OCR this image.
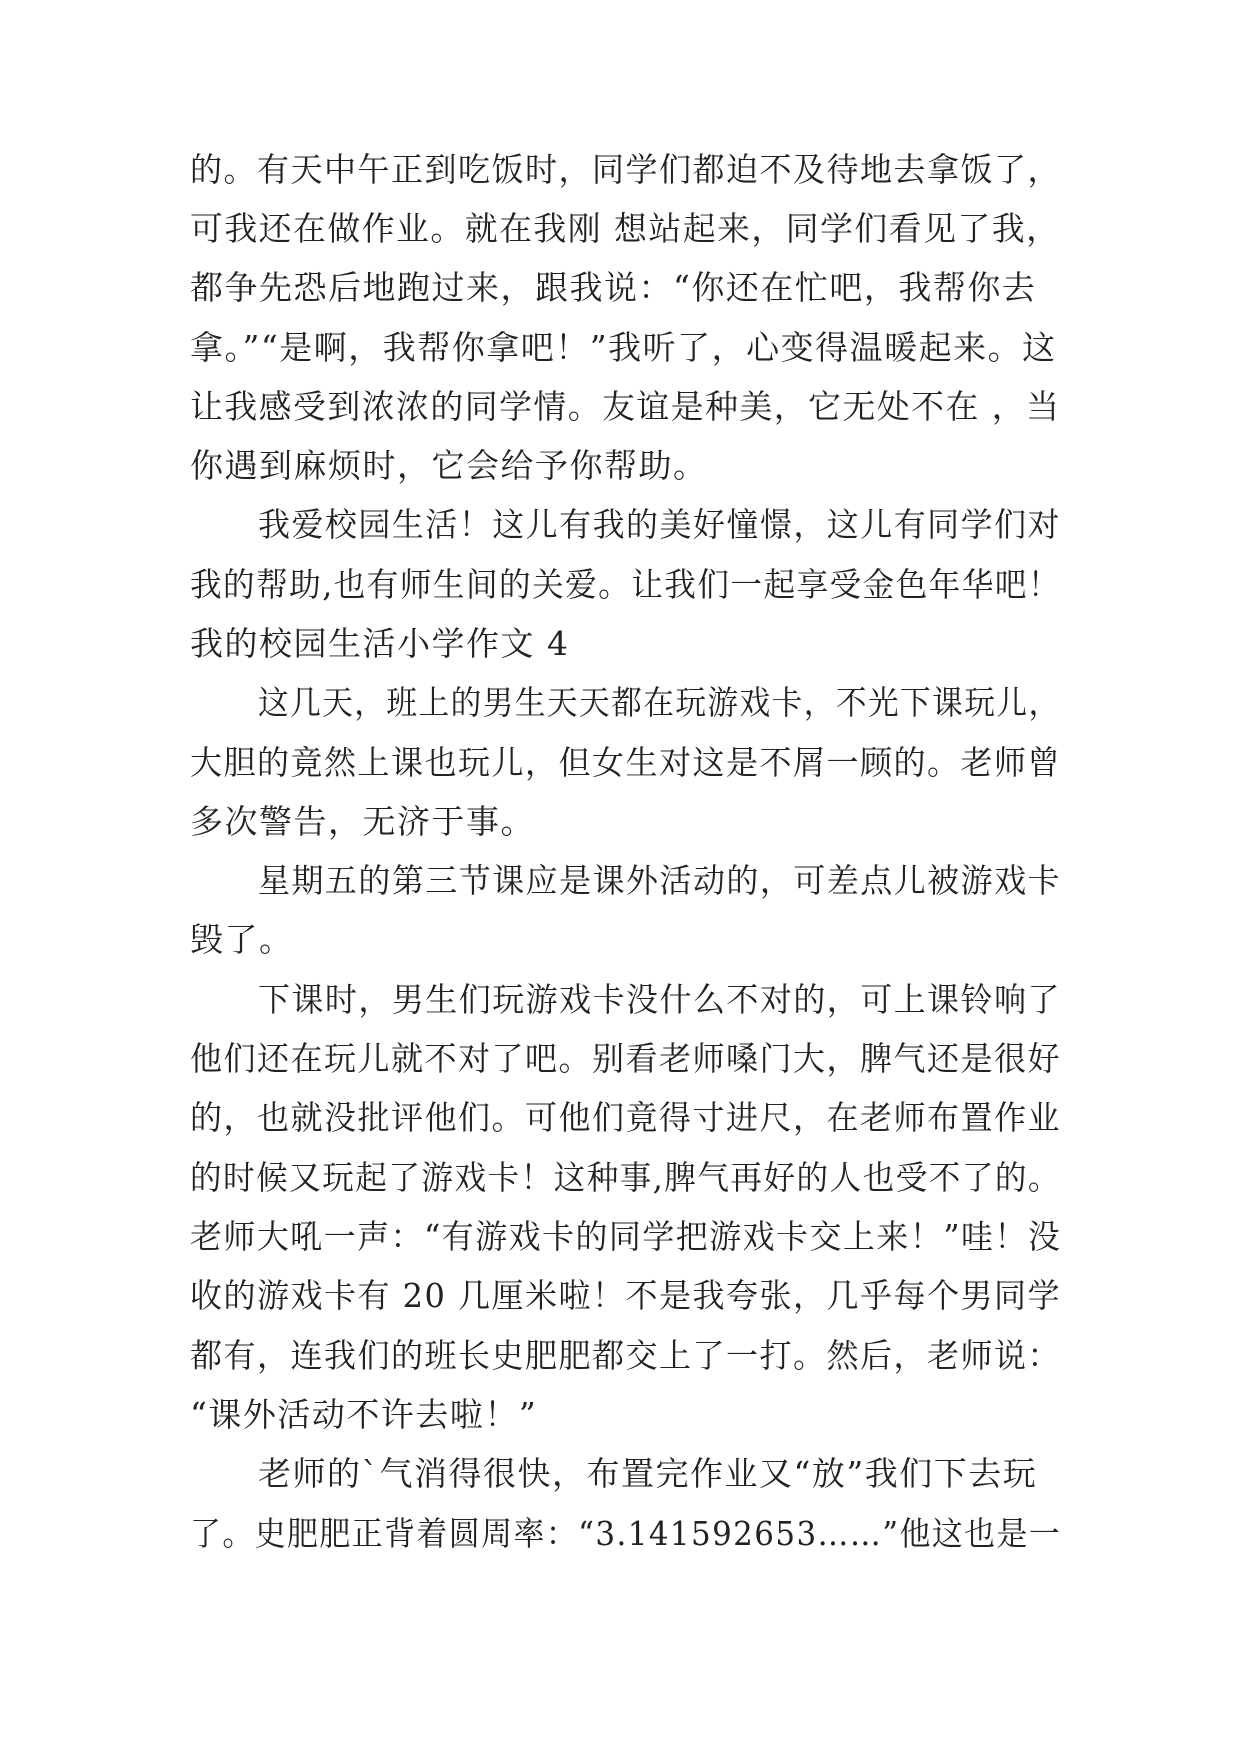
的。有天中午正到吃饭时，同学们都迫不及待地去拿饭了，
可我还在做作业。就在我刚 想站起来，同学们看见了我，
都争先恐后地跑过来，跟我说：“你还在忙吧，我帮你去
拿。”“是啊，我帮你拿吧！”我听了，心变得温暖起来。这
让我感受到浓浓的同学情。友谊是种美，它无处不在 ，当
你遇到麻烦时，它会给予你帮助。
我爱校园生活！这儿有我的美好憧憬，这儿有同学们对
我的帮助,也有师生间的关爱。让我们一起享受金色年华吧！
我的校园生活小学作文 4
这几天，班上的男生天天都在玩游戏卡，不光下课玩儿，
大胆的竟然上课也玩儿，但女生对这是不屑一顾的。老师曾
多次警告，无济于事。
星期五的第三节课应是课外活动的，可差点儿被游戏卡
毁了。
下课时，男生们玩游戏卡没什么不对的，可上课铃响了
他们还在玩儿就不对了吧。别看老师嗓门大，脾气还是很好
的，也就没批评他们。可他们竟得寸进尺，在老师布置作业
的时候又玩起了游戏卡！这种事,脾气再好的人也受不了的。
老师大吼一声：“有游戏卡的同学把游戏卡交上来！”哇！没
收的游戏卡有 20 几厘米啦！不是我夸张，几乎每个男同学
都有，连我们的班长史肥肥都交上了一打。然后，老师说：
“课外活动不许去啦！”
老师的`气消得很快，布置完作业又“放”我们下去玩
了。史肥肥正背着圆周率：“3.141592653……”他这也是一
